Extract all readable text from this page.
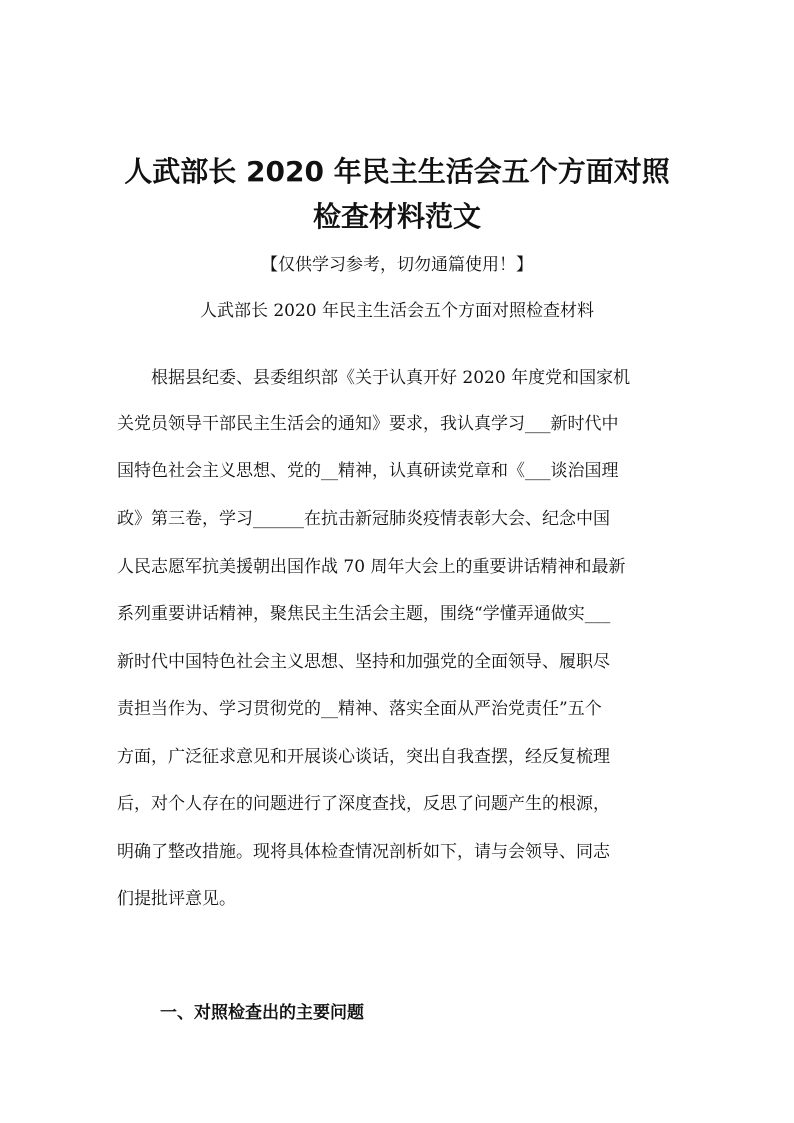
人武部长 2020 年民主生活会五个方面对照
检查材料范文
【仅供学习参考，切勿通篇使用！】
人武部长 2020 年民主生活会五个方面对照检查材料
　　根据县纪委、县委组织部《关于认真开好 2020 年度党和国家机
关党员领导干部民主生活会的通知》要求，我认真学习___新时代中
国特色社会主义思想、党的__精神，认真研读党章和《___谈治国理
政》第三卷，学习______在抗击新冠肺炎疫情表彰大会、纪念中国
人民志愿军抗美援朝出国作战 70 周年大会上的重要讲话精神和最新
系列重要讲话精神，聚焦民主生活会主题，围绕“学懂弄通做实___
新时代中国特色社会主义思想、坚持和加强党的全面领导、履职尽
责担当作为、学习贯彻党的__精神、落实全面从严治党责任”五个
方面，广泛征求意见和开展谈心谈话，突出自我查摆，经反复梳理
后，对个人存在的问题进行了深度查找，反思了问题产生的根源，
明确了整改措施。现将具体检查情况剖析如下，请与会领导、同志
们提批评意见。
一、对照检查出的主要问题
